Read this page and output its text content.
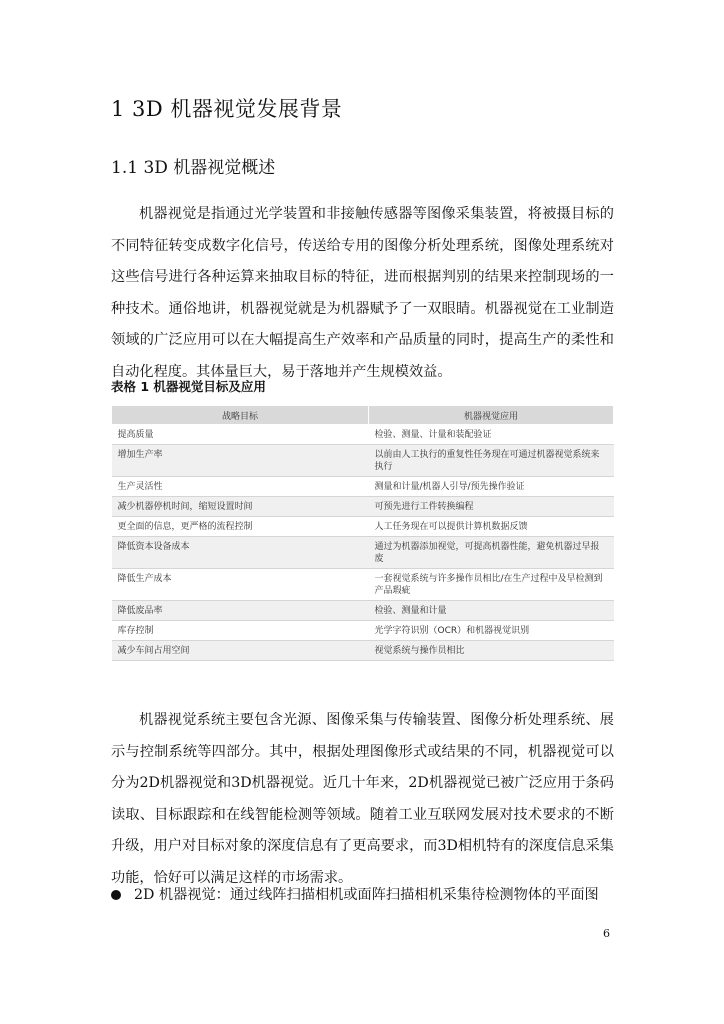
1 3D 机器视觉发展背景
1.1 3D 机器视觉概述

机器视觉是指通过光学装置和非接触传感器等图像采集装置，将被摄目标的不同特征转变成数字化信号，传送给专用的图像分析处理系统，图像处理系统对这些信号进行各种运算来抽取目标的特征，进而根据判别的结果来控制现场的一种技术。通俗地讲，机器视觉就是为机器赋予了一双眼睛。机器视觉在工业制造领域的广泛应用可以在大幅提高生产效率和产品质量的同时，提高生产的柔性和自动化程度。其体量巨大，易于落地并产生规模效益。

表格 1 机器视觉目标及应用
战略目标	机器视觉应用
提高质量	检验、测量、计量和装配验证
增加生产率	以前由人工执行的重复性任务现在可通过机器视觉系统来执行
生产灵活性	测量和计量/机器人引导/预先操作验证
减少机器停机时间，缩短设置时间	可预先进行工件转换编程
更全面的信息，更严格的流程控制	人工任务现在可以提供计算机数据反馈
降低资本设备成本	通过为机器添加视觉，可提高机器性能，避免机器过早报废
降低生产成本	一套视觉系统与许多操作员相比/在生产过程中及早检测到产品瑕疵
降低废品率	检验、测量和计量
库存控制	光学字符识别（OCR）和机器视觉识别
减少车间占用空间	视觉系统与操作员相比

机器视觉系统主要包含光源、图像采集与传输装置、图像分析处理系统、展示与控制系统等四部分。其中，根据处理图像形式或结果的不同，机器视觉可以分为2D机器视觉和3D机器视觉。近几十年来，2D机器视觉已被广泛应用于条码读取、目标跟踪和在线智能检测等领域。随着工业互联网发展对技术要求的不断升级，用户对目标对象的深度信息有了更高要求，而3D相机特有的深度信息采集功能，恰好可以满足这样的市场需求。

2D 机器视觉：通过线阵扫描相机或面阵扫描相机采集待检测物体的平面图
6
